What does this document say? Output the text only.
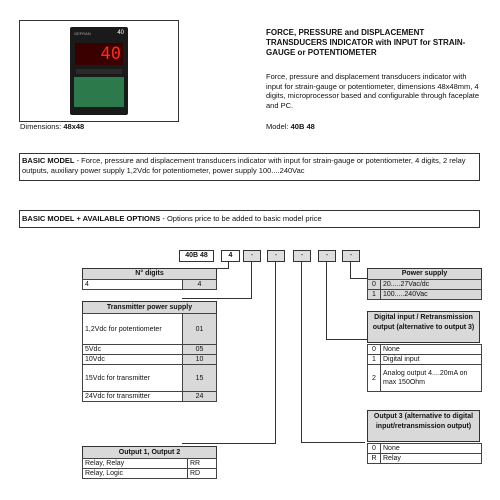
GEFRAN	40
40
Dimensions: 48x48
FORCE, PRESSURE and DISPLACEMENT TRANSDUCERS INDICATOR with INPUT for STRAIN-GAUGE or POTENTIOMETER
Force, pressure and displacement transducers indicator with input for strain-gauge or potentiometer, dimensions 48x48mm, 4 digits, microprocessor based and configurable through faceplate and PC.
Model: 40B 48
BASIC MODEL - Force, pressure and displacement transducers indicator with input for strain-gauge or potentiometer, 4 digits, 2 relay outputs, auxiliary power supply 1,2Vdc for potentiometer, power supply 100....240Vac
BASIC MODEL + AVAILABLE OPTIONS - Options price to be added to basic model price
40B 48	4	-	-	-	-	-
N° digits
4	4
Transmitter power supply
1,2Vdc for potentiometer	01
5Vdc	05
10Vdc	10
15Vdc for transmitter	15
24Vdc for transmitter	24
Output 1, Output 2
Relay, Relay	RR
Relay, Logic	RD
Power supply
0	20.....27Vac/dc
1	100.....240Vac
Digital input / Retransmission output (alternative to output 3)
0	None
1	Digital input
2	Analog output 4....20mA on max 150Ohm
Output 3 (alternative to digital input/retransmission output)
0	None
R	Relay
